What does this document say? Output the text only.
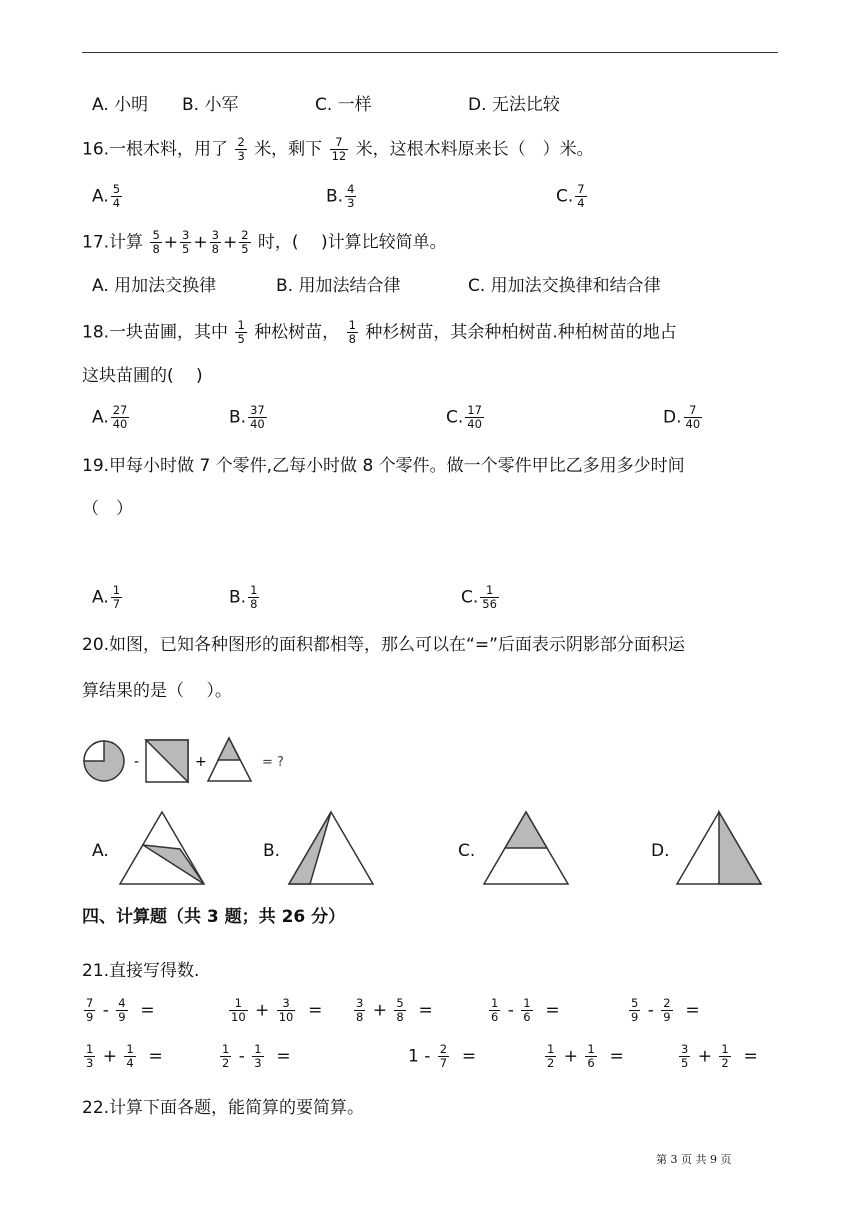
A. 小明 B. 小军	C. 一样	D. 无法比较
16.一根木料，用了 $\frac{2}{3}$ 米，剩下 $\frac{7}{12}$ 米，这根木料原来长（　）米。
A. $\frac{5}{4}$	B. $\frac{4}{3}$	C. $\frac{7}{4}$
17.计算 $\frac{5}{8} + \frac{3}{5} + \frac{3}{8} + \frac{2}{5}$ 时，(　 )计算比较简单。
A. 用加法交换律	B. 用加法结合律	C. 用加法交换律和结合律
18.一块苗圃，其中 $\frac{1}{5}$ 种松树苗， $\frac{1}{8}$ 种杉树苗，其余种柏树苗.种柏树苗的地占
这块苗圃的(　 )
A. $\frac{27}{40}$	B. $\frac{37}{40}$	C. $\frac{17}{40}$	D. $\frac{7}{40}$
19.甲每小时做 7 个零件,乙每小时做 8 个零件。做一个零件甲比乙多用多少时间
（　）
A. $\frac{1}{7}$	B. $\frac{1}{8}$	C. $\frac{1}{56}$
20.如图，已知各种图形的面积都相等，那么可以在“=”后面表示阴影部分面积运
算结果的是（　 ）。
-	+	= ?
A.	B.	C.	D.
四、计算题（共 3 题；共 26 分）
21.直接写得数.
$\frac{7}{9} - \frac{4}{9}$ =	$\frac{1}{10} + \frac{3}{10}$ =	$\frac{3}{8} + \frac{5}{8}$ =	$\frac{1}{6} - \frac{1}{6}$ =	$\frac{5}{9} - \frac{2}{9}$ =
$\frac{1}{3} + \frac{1}{4}$ =	$\frac{1}{2} - \frac{1}{3}$ =	$1 - \frac{2}{7}$ =	$\frac{1}{2} + \frac{1}{6}$ =	$\frac{3}{5} + \frac{1}{2}$ =
22.计算下面各题，能简算的要简算。
第 3 页 共 9 页
